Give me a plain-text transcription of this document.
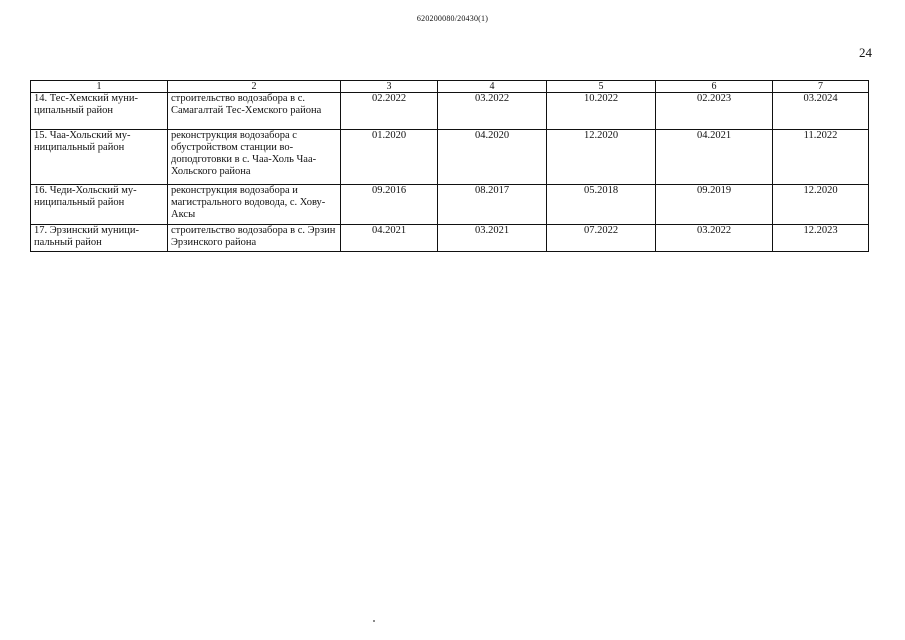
620200080/20430(1)
24
1	2	3	4	5	6	7
14. Тес-Хемский муни-ципальный район	строительство водозабора в с. Самагалтай Тес-Хемского района	02.2022	03.2022	10.2022	02.2023	03.2024
15. Чаа-Хольский му-ниципальный район	реконструкция водозабора с обустройством станции во-доподготовки в с. Чаа-Холь Чаа-Хольского района	01.2020	04.2020	12.2020	04.2021	11.2022
16. Чеди-Хольский му-ниципальный район	реконструкция водозабора и магистрального водовода, с. Хову-Аксы	09.2016	08.2017	05.2018	09.2019	12.2020
17. Эрзинский муници-пальный район	строительство водозабора в с. Эрзин Эрзинского района	04.2021	03.2021	07.2022	03.2022	12.2023
